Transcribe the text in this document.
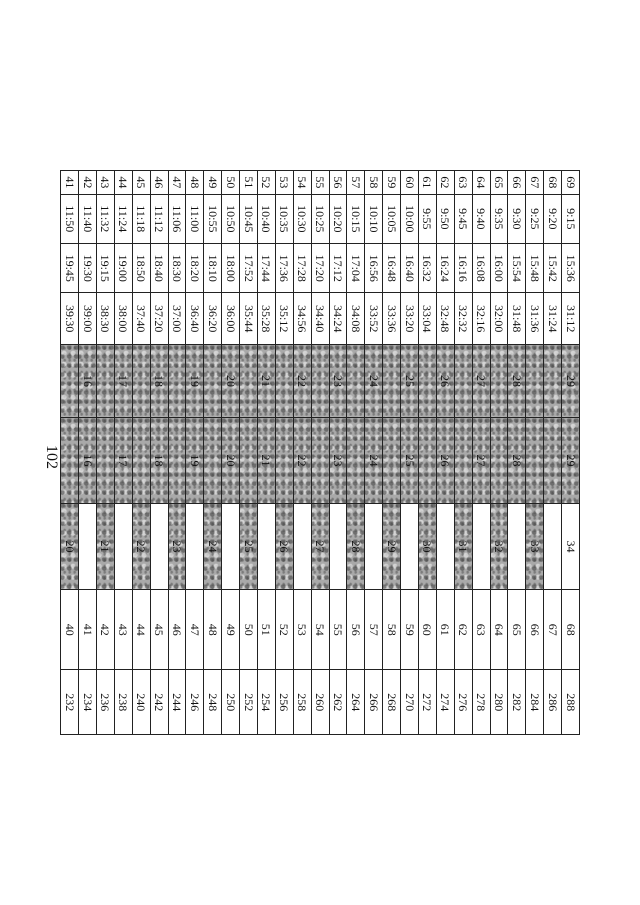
102
69	9:15	15:36	31:12	29	29	34	68	288
68	9:20	15:42	31:24				67	286
67	9:25	15:48	31:36			33	66	284
66	9:30	15:54	31:48	28	28		65	282
65	9:35	16:00	32:00			32	64	280
64	9:40	16:08	32:16	27	27		63	278
63	9:45	16:16	32:32			31	62	276
62	9:50	16:24	32:48	26	26		61	274
61	9:55	16:32	33:04			30	60	272
60	10:00	16:40	33:20	25	25		59	270
59	10:05	16:48	33:36			29	58	268
58	10:10	16:56	33:52	24	24		57	266
57	10:15	17:04	34:08			28	56	264
56	10:20	17:12	34:24	23	23		55	262
55	10:25	17:20	34:40			27	54	260
54	10:30	17:28	34:56	22	22		53	258
53	10:35	17:36	35:12			26	52	256
52	10:40	17:44	35:28	21	21		51	254
51	10:45	17:52	35:44			25	50	252
50	10:50	18:00	36:00	20	20		49	250
49	10:55	18:10	36:20			24	48	248
48	11:00	18:20	36:40	19	19		47	246
47	11:06	18:30	37:00			23	46	244
46	11:12	18:40	37:20	18	18		45	242
45	11:18	18:50	37:40			22	44	240
44	11:24	19:00	38:00	17	17		43	238
43	11:32	19:15	38:30			21	42	236
42	11:40	19:30	39:00	16	16		41	234
41	11:50	19:45	39:30			20	40	232
